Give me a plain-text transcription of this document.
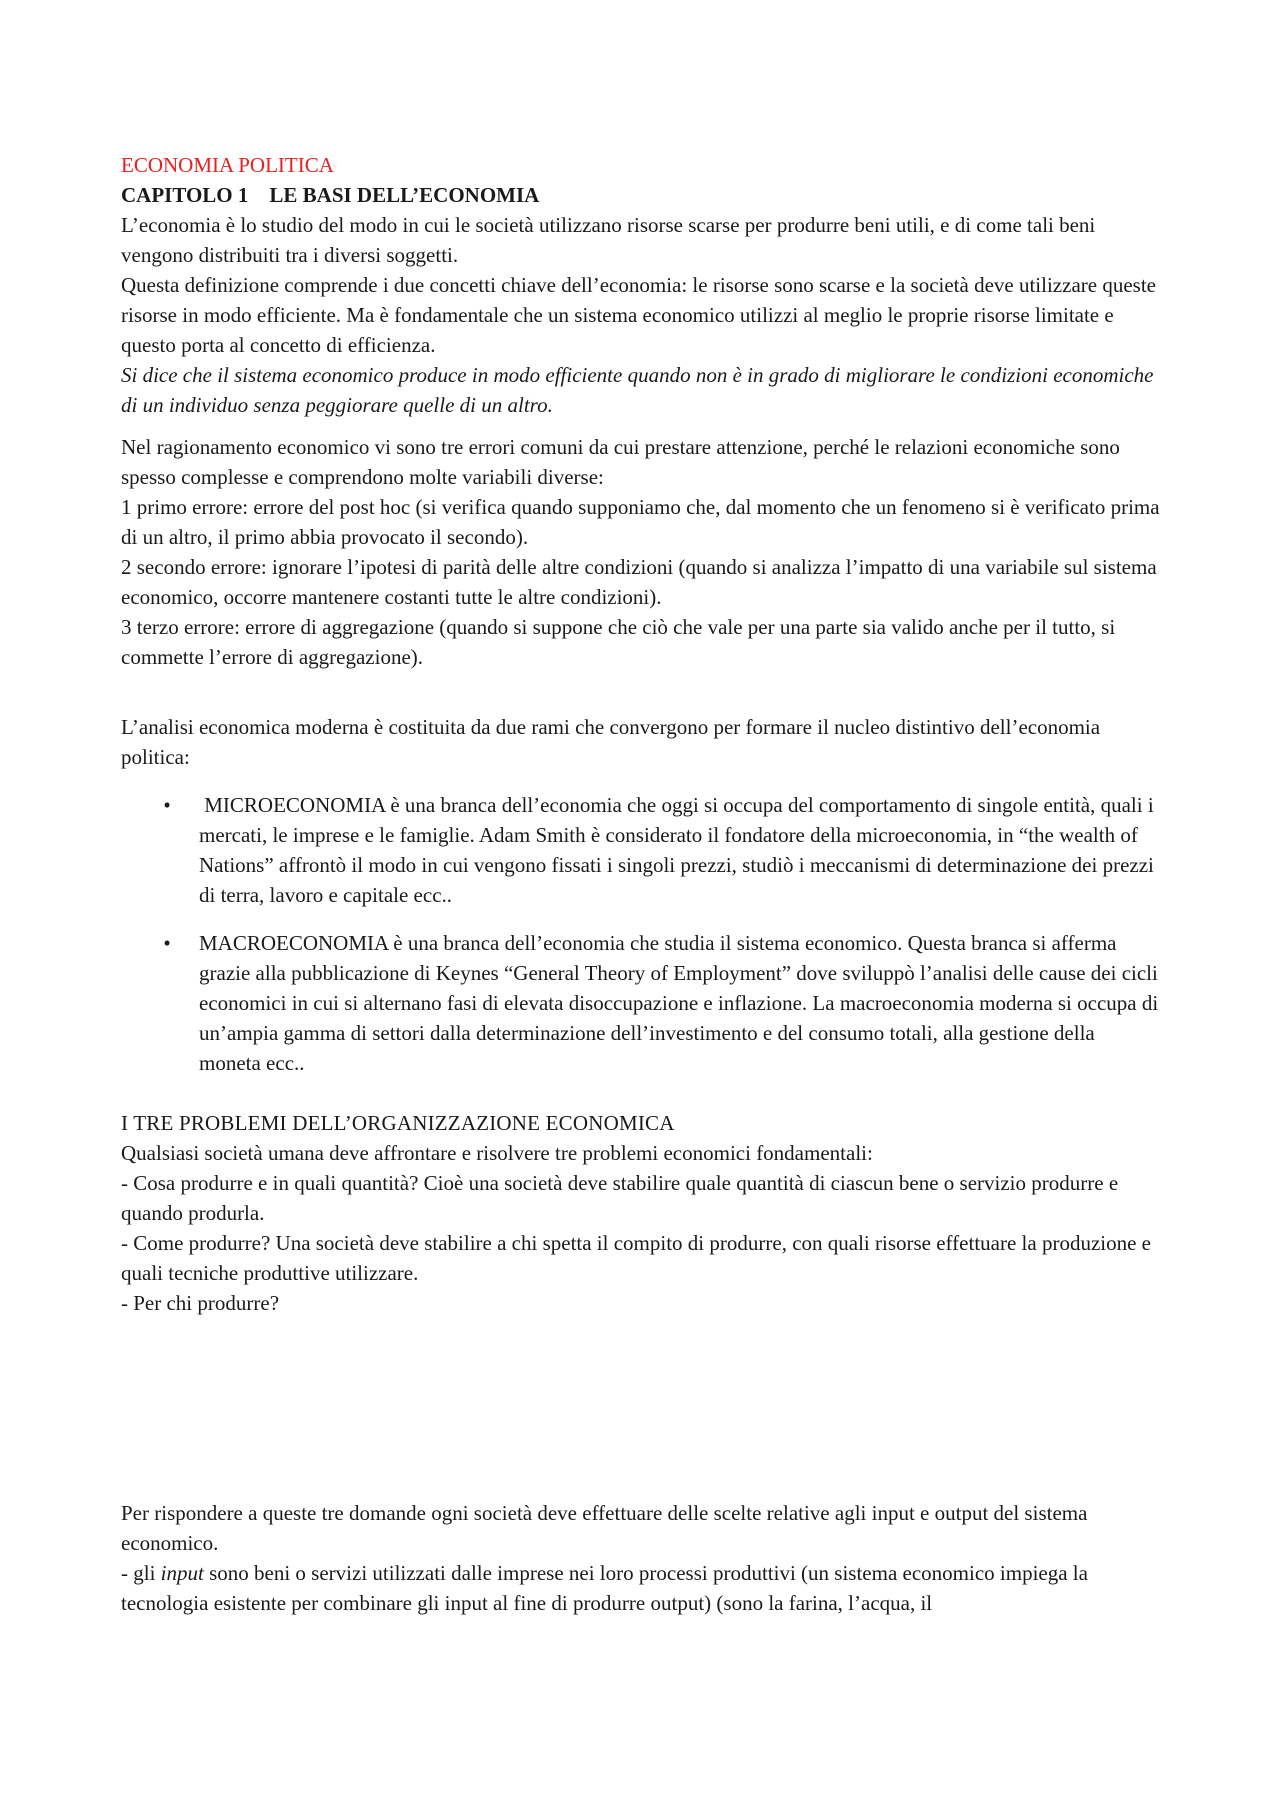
ECONOMIA POLITICA

CAPITOLO 1    LE BASI DELL’ECONOMIA

L’economia è lo studio del modo in cui le società utilizzano risorse scarse per produrre beni utili, e di come tali beni vengono distribuiti tra i diversi soggetti.

Questa definizione comprende i due concetti chiave dell’economia: le risorse sono scarse e la società deve utilizzare queste risorse in modo efficiente. Ma è fondamentale che un sistema economico utilizzi al meglio le proprie risorse limitate e questo porta al concetto di efficienza.

Si dice che il sistema economico produce in modo efficiente quando non è in grado di migliorare le condizioni economiche di un individuo senza peggiorare quelle di un altro.

Nel ragionamento economico vi sono tre errori comuni da cui prestare attenzione, perché le relazioni economiche sono spesso complesse e comprendono molte variabili diverse:

1 primo errore: errore del post hoc (si verifica quando supponiamo che, dal momento che un fenomeno si è verificato prima di un altro, il primo abbia provocato il secondo).

2 secondo errore: ignorare l’ipotesi di parità delle altre condizioni (quando si analizza l’impatto di una variabile sul sistema economico, occorre mantenere costanti tutte le altre condizioni).

3 terzo errore: errore di aggregazione (quando si suppone che ciò che vale per una parte sia valido anche per il tutto, si commette l’errore di aggregazione).

L’analisi economica moderna è costituita da due rami che convergono per formare il nucleo distintivo dell’economia politica:

• MICROECONOMIA è una branca dell’economia che oggi si occupa del comportamento di singole entità, quali i mercati, le imprese e le famiglie. Adam Smith è considerato il fondatore della microeconomia, in “the wealth of Nations” affrontò il modo in cui vengono fissati i singoli prezzi, studiò i meccanismi di determinazione dei prezzi di terra, lavoro e capitale ecc..
• MACROECONOMIA è una branca dell’economia che studia il sistema economico. Questa branca si afferma grazie alla pubblicazione di Keynes “General Theory of Employment” dove sviluppò l’analisi delle cause dei cicli economici in cui si alternano fasi di elevata disoccupazione e inflazione. La macroeconomia moderna si occupa di un’ampia gamma di settori dalla determinazione dell’investimento e del consumo totali, alla gestione della moneta ecc..

I TRE PROBLEMI DELL’ORGANIZZAZIONE ECONOMICA

Qualsiasi società umana deve affrontare e risolvere tre problemi economici fondamentali:

- Cosa produrre e in quali quantità? Cioè una società deve stabilire quale quantità di ciascun bene o servizio produrre e quando produrla.

- Come produrre? Una società deve stabilire a chi spetta il compito di produrre, con quali risorse effettuare la produzione e quali tecniche produttive utilizzare.

- Per chi produrre?

Per rispondere a queste tre domande ogni società deve effettuare delle scelte relative agli input e output del sistema economico.

- gli input sono beni o servizi utilizzati dalle imprese nei loro processi produttivi (un sistema economico impiega la tecnologia esistente per combinare gli input al fine di produrre output) (sono la farina, l’acqua, il
